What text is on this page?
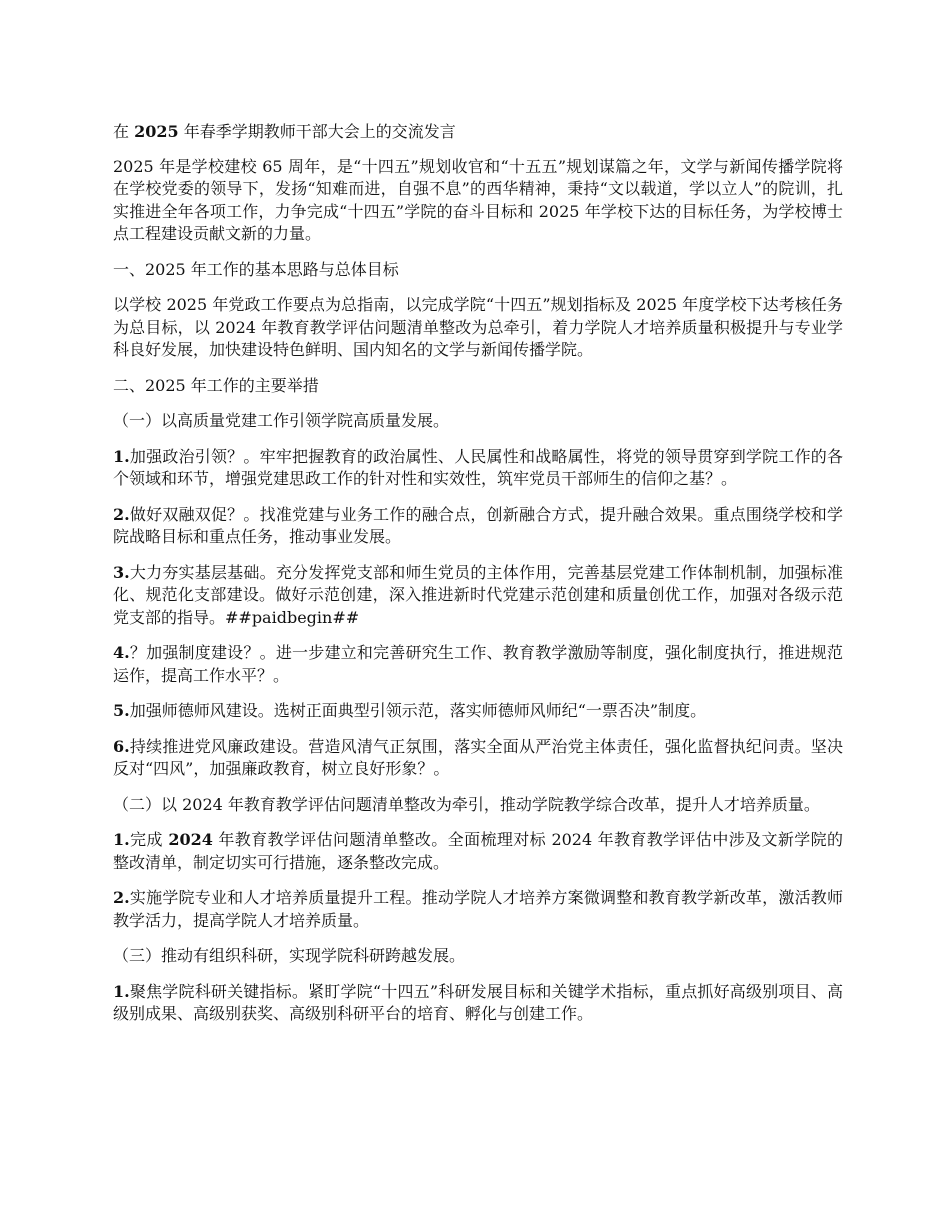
在 2025 年春季学期教师干部大会上的交流发言

2025 年是学校建校 65 周年，是“十四五”规划收官和“十五五”规划谋篇之年，文学与新闻传播学院将在学校党委的领导下，发扬“知难而进，自强不息”的西华精神，秉持“文以载道，学以立人”的院训，扎实推进全年各项工作，力争完成“十四五”学院的奋斗目标和 2025 年学校下达的目标任务，为学校博士点工程建设贡献文新的力量。

一、2025 年工作的基本思路与总体目标

以学校 2025 年党政工作要点为总指南，以完成学院“十四五”规划指标及 2025 年度学校下达考核任务为总目标，以 2024 年教育教学评估问题清单整改为总牵引，着力学院人才培养质量积极提升与专业学科良好发展，加快建设特色鲜明、国内知名的文学与新闻传播学院。

二、2025 年工作的主要举措

（一）以高质量党建工作引领学院高质量发展。

1.加强政治引领？。牢牢把握教育的政治属性、人民属性和战略属性，将党的领导贯穿到学院工作的各个领域和环节，增强党建思政工作的针对性和实效性，筑牢党员干部师生的信仰之基？。

2.做好双融双促？。找准党建与业务工作的融合点，创新融合方式，提升融合效果。重点围绕学校和学院战略目标和重点任务，推动事业发展。

3.大力夯实基层基础。充分发挥党支部和师生党员的主体作用，完善基层党建工作体制机制，加强标准化、规范化支部建设。做好示范创建，深入推进新时代党建示范创建和质量创优工作，加强对各级示范党支部的指导。##paidbegin##

4.？加强制度建设？。进一步建立和完善研究生工作、教育教学激励等制度，强化制度执行，推进规范运作，提高工作水平？。

5.加强师德师风建设。选树正面典型引领示范，落实师德师风师纪“一票否决”制度。

6.持续推进党风廉政建设。营造风清气正氛围，落实全面从严治党主体责任，强化监督执纪问责。坚决反对“四风”，加强廉政教育，树立良好形象？。

（二）以 2024 年教育教学评估问题清单整改为牵引，推动学院教学综合改革，提升人才培养质量。

1.完成 2024 年教育教学评估问题清单整改。全面梳理对标 2024 年教育教学评估中涉及文新学院的整改清单，制定切实可行措施，逐条整改完成。

2.实施学院专业和人才培养质量提升工程。推动学院人才培养方案微调整和教育教学新改革，激活教师教学活力，提高学院人才培养质量。

（三）推动有组织科研，实现学院科研跨越发展。

1.聚焦学院科研关键指标。紧盯学院“十四五”科研发展目标和关键学术指标，重点抓好高级别项目、高级别成果、高级别获奖、高级别科研平台的培育、孵化与创建工作。
